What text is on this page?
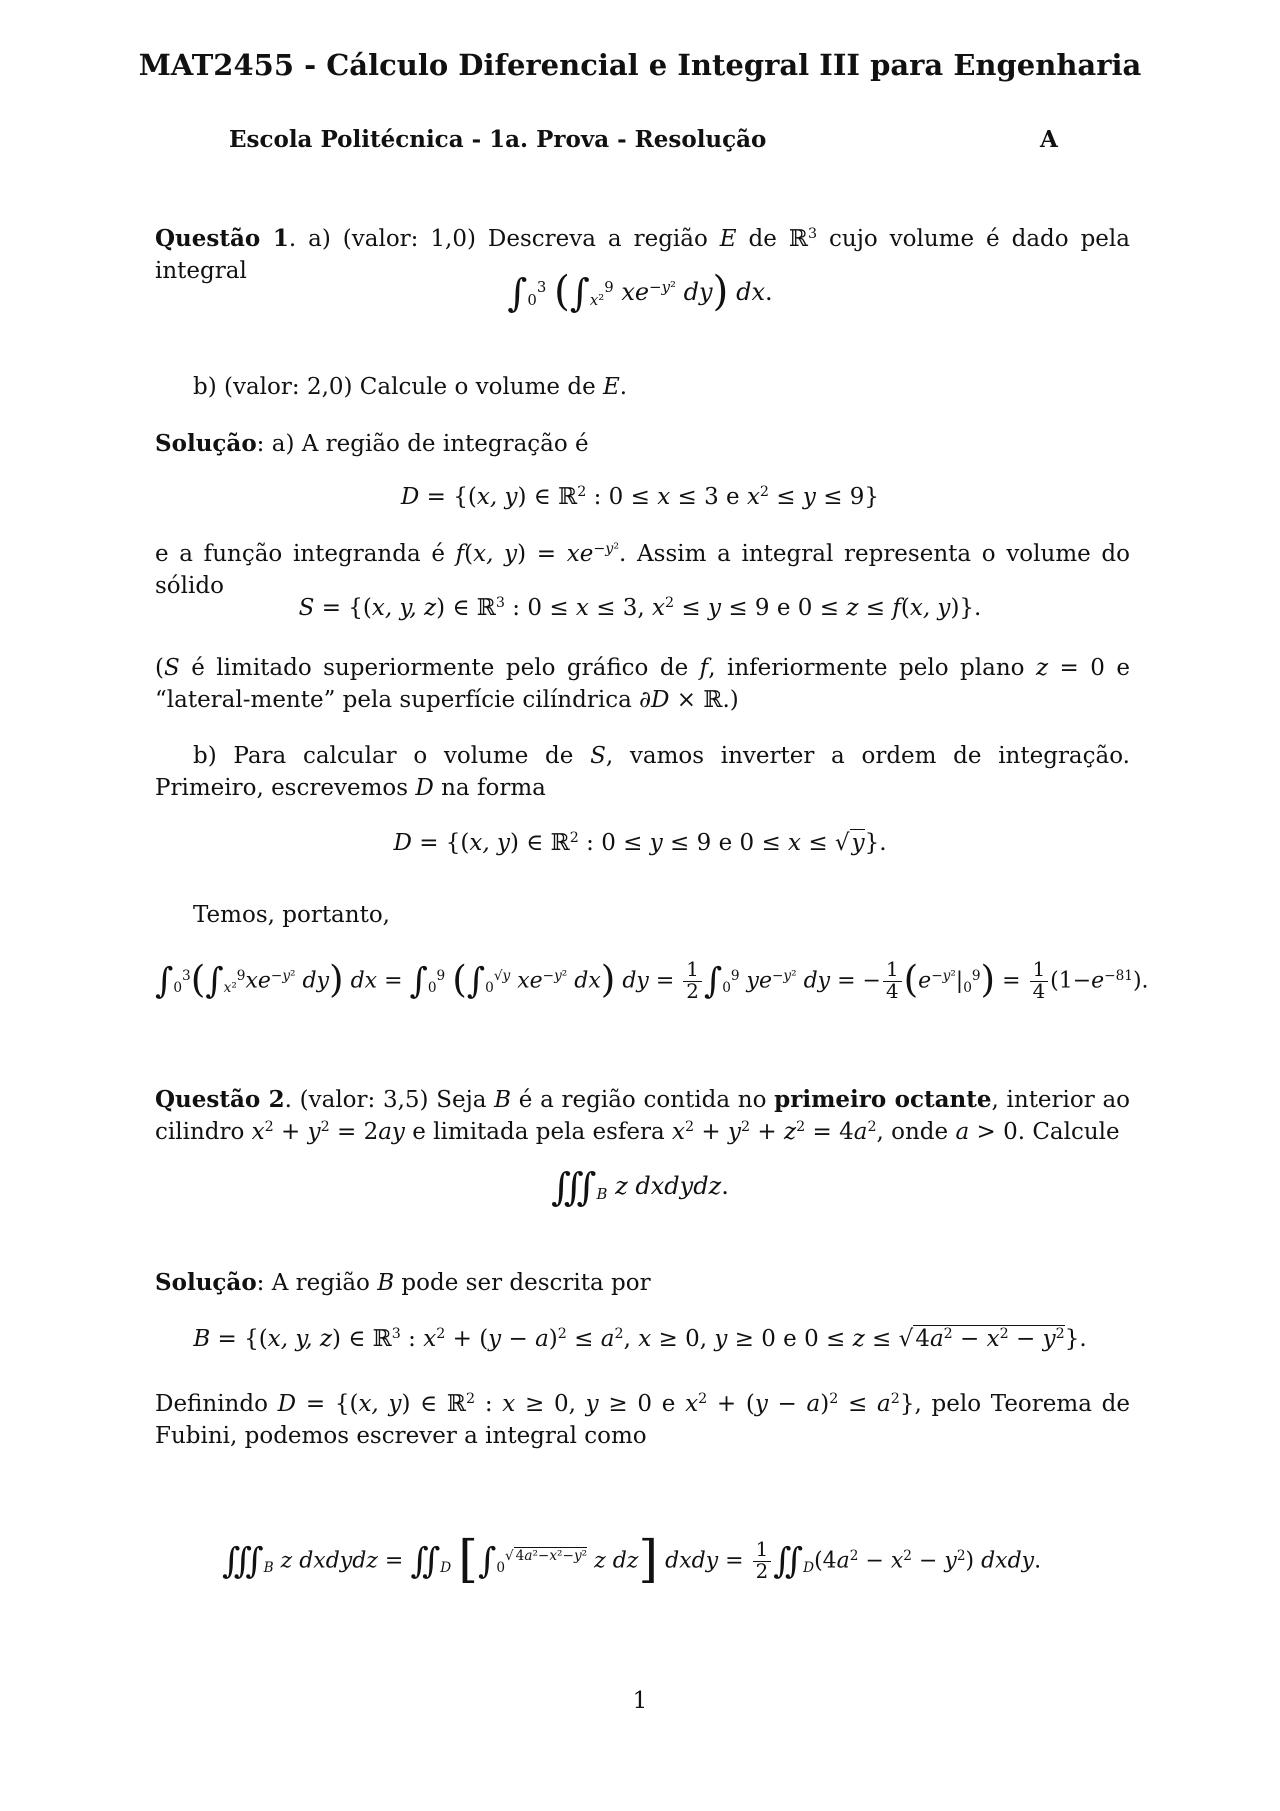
MAT2455 - Cálculo Diferencial e Integral III para Engenharia
Escola Politécnica - 1a. Prova - Resolução	A
Questão 1. a) (valor: 1,0) Descreva a região E de ℝ$^3$ cujo volume é dado pela integral	$\int_0^3$ ($\int_{x^2}^9$ $xe^{-y^2}$ dy) dx.
b) (valor: 2,0) Calcule o volume de E.
Solução: a) A região de integração é
D = {(x, y) ∈ ℝ$^2$ : 0 ≤ x ≤ 3 e $x^2 \le y \le 9$}
e a função integranda é f(x, $y) = xe^{-y^2}$. Assim a integral representa o volume do sólido
S = {(x, y, z) ∈ ℝ$^3$ : 0 ≤ x ≤ 3, $x^2 \le y \le 9$ e 0 ≤ z ≤ f(x, y)}.
(S é limitado superiormente pelo gráfico de f, inferiormente pelo plano z = 0 e “lateral-mente” pela superfície cilíndrica ∂D × ℝ.)
b) Para calcular o volume de S, vamos inverter a ordem de integração. Primeiro, escrevemos D na forma
D = {(x, y) ∈ ℝ$^2$ : 0 ≤ y ≤ 9 e 0 ≤ x ≤ √y}.
Temos, portanto,
$\int_0^3(\int_{x^2}^9xe^{-y^2}$ dy) dx = $\int_0^9$ ($\int_0^{√y}$ $xe^{-y^2}$ dx) dy = $\frac{1}{2} \int_0^9$ $ye^{-y^2}$ dy = − $\frac{1}{4} (e^{-y^2}|_0^9) = \frac{1}{4} (1-e^{-81})$.
Questão 2. (valor: 3,5) Seja B é a região contida no primeiro octante, interior ao cilindro $x^2 + y^2 = 2ay$ e limitada pela esfera $x^2 + y^2 + z^2 = 4a^2$, onde a > 0. Calcule
$∭_B$ z dxdydz.
Solução: A região B pode ser descrita por
B = {(x, y, z) ∈ ℝ$^3$ : $x^2 + (y - a)^2 \le a^2$, x ≥ 0, y ≥ 0 e $0 \le z \le √4a^2 - x^2 - y^2$}.
Definindo D = {(x, y) ∈ ℝ$^2$ : x ≥ 0, y ≥ 0 e $x^2 + (y - a)^2 \le a^2$}, pelo Teorema de Fubini, podemos escrever a integral como
$∭_B$ z dxdydz = $∬_D$ [$\int_0^{√ 4a^2-x^2-y^2}$ z dz] dxdy = $\frac{1}{2}$ $∬_D(4a^2 - x^2 - y^2)$ dxdy.
1
